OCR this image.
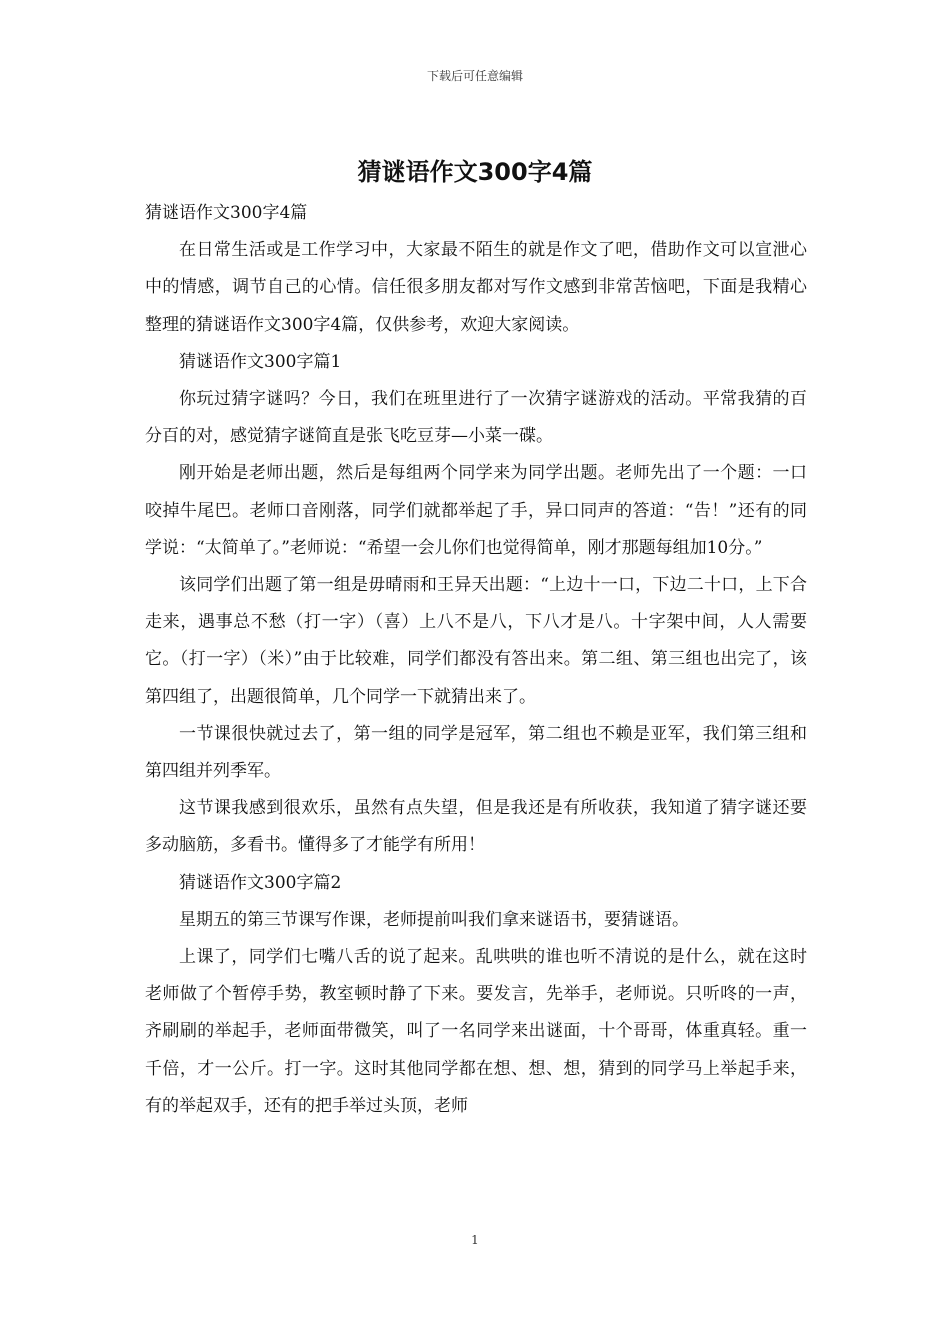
下载后可任意编辑
猜谜语作文300字4篇

猜谜语作文300字4篇

在日常生活或是工作学习中，大家最不陌生的就是作文了吧，借助作文可以宣泄心中的情感，调节自己的心情。信任很多朋友都对写作文感到非常苦恼吧，下面是我精心整理的猜谜语作文300字4篇，仅供参考，欢迎大家阅读。

猜谜语作文300字篇1

你玩过猜字谜吗？今日，我们在班里进行了一次猜字谜游戏的活动。平常我猜的百分百的对，感觉猜字谜简直是张飞吃豆芽—小菜一碟。

刚开始是老师出题，然后是每组两个同学来为同学出题。老师先出了一个题：一口咬掉牛尾巴。老师口音刚落，同学们就都举起了手，异口同声的答道：“告！”还有的同学说：“太简单了。”老师说：“希望一会儿你们也觉得简单，刚才那题每组加10分。”

该同学们出题了第一组是毋晴雨和王异天出题：“上边十一口，下边二十口，上下合走来，遇事总不愁（打一字）（喜）上八不是八，下八才是八。十字架中间，人人需要它。（打一字）（米）”由于比较难，同学们都没有答出来。第二组、第三组也出完了，该第四组了，出题很简单，几个同学一下就猜出来了。

一节课很快就过去了，第一组的同学是冠军，第二组也不赖是亚军，我们第三组和第四组并列季军。

这节课我感到很欢乐，虽然有点失望，但是我还是有所收获，我知道了猜字谜还要多动脑筋，多看书。懂得多了才能学有所用！

猜谜语作文300字篇2

星期五的第三节课写作课，老师提前叫我们拿来谜语书，要猜谜语。

上课了，同学们七嘴八舌的说了起来。乱哄哄的谁也听不清说的是什么，就在这时老师做了个暂停手势，教室顿时静了下来。要发言，先举手，老师说。只听咚的一声，齐刷刷的举起手，老师面带微笑，叫了一名同学来出谜面，十个哥哥，体重真轻。重一千倍，才一公斤。打一字。这时其他同学都在想、想、想，猜到的同学马上举起手来，有的举起双手，还有的把手举过头顶，老师

1
